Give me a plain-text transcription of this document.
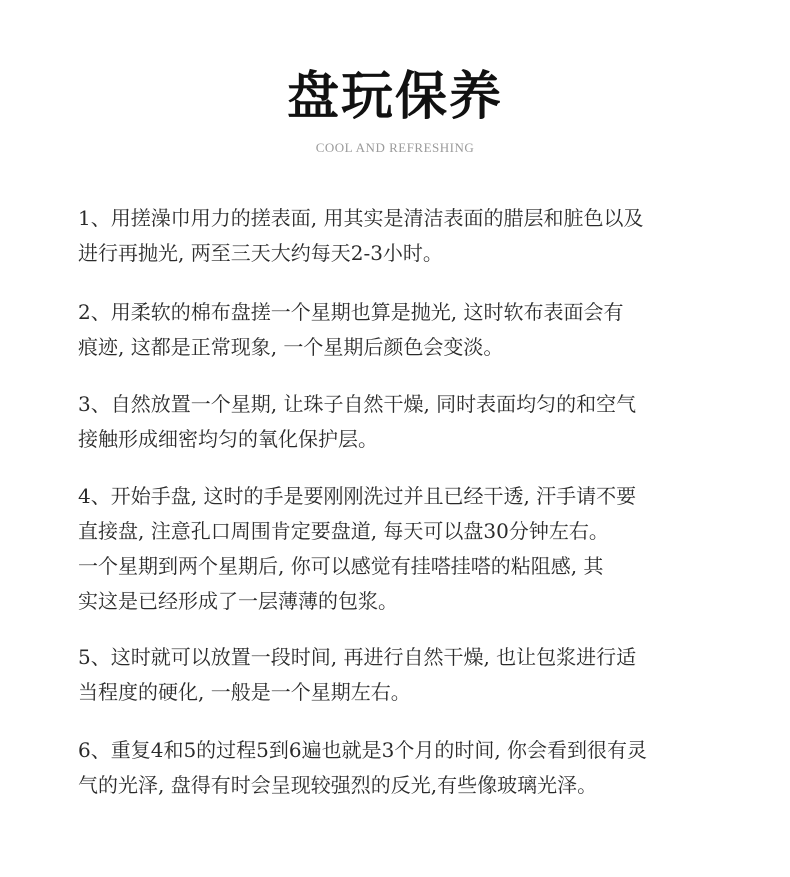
盘玩保养
COOL AND REFRESHING

1、用搓澡巾用力的搓表面, 用其实是清洁表面的腊层和脏色以及
进行再抛光, 两至三天大约每天2-3小时。

2、用柔软的棉布盘搓一个星期也算是抛光, 这时软布表面会有
痕迹, 这都是正常现象, 一个星期后颜色会变淡。

3、自然放置一个星期, 让珠子自然干燥, 同时表面均匀的和空气
接触形成细密均匀的氧化保护层。

4、开始手盘, 这时的手是要刚刚洗过并且已经干透, 汗手请不要
直接盘, 注意孔口周围肯定要盘道, 每天可以盘30分钟左右。
一个星期到两个星期后, 你可以感觉有挂嗒挂嗒的粘阻感, 其
实这是已经形成了一层薄薄的包浆。

5、这时就可以放置一段时间, 再进行自然干燥, 也让包浆进行适
当程度的硬化, 一般是一个星期左右。

6、重复4和5的过程5到6遍也就是3个月的时间, 你会看到很有灵
气的光泽, 盘得有时会呈现较强烈的反光,有些像玻璃光泽。
